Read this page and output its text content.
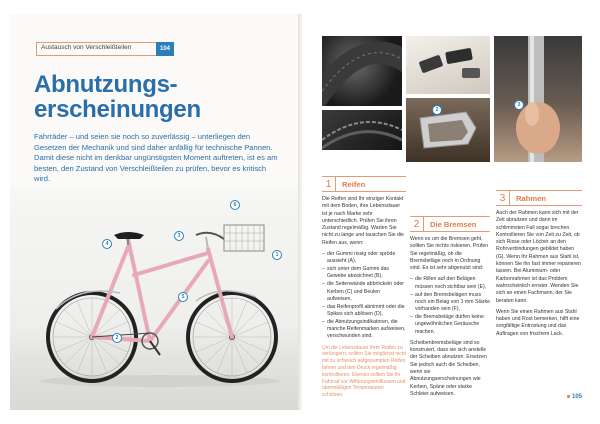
Austausch von Verschleißteilen	104
Abnutzungs-
erscheinungen

Fahrräder – und seien sie noch so zuverlässig – unterliegen den Gesetzen der Mechanik und sind daher anfällig für technische Pannen. Damit diese nicht im denkbar ungünstigsten Moment auftreten, ist es am besten, den Zustand von Verschleißteilen zu prüfen, bevor es kritisch wird.

6
3
4
1
5
2
2
3
1	Reifen

Die Reifen sind Ihr einziger Kontakt mit dem Boden, ihre Lebensdauer ist je nach Marke sehr unterschiedlich. Prüfen Sie ihren Zustand regelmäßig. Warten Sie nicht zu lange und tauschen Sie die Reifen aus, wenn:

– der Gummi rissig oder spröde aussieht (A),
– sich unter dem Gummi das Gewebe abzeichnet (B),
– die Seitenwände abbröckeln oder Kerben (C) und Beulen aufweisen,
– das Reifenprofil abnimmt oder die Spikes sich ablösen (D),
– die Abnutzungsindikatoren, die manche Reifenmarken aufweisen, verschwunden sind.

Um die Lebensdauer Ihrer Reifen zu verlängern, sollten Sie möglichst nicht mit zu schwach aufgepumpten Reifen fahren und den Druck regelmäßig kontrollieren. Ebenso sollten Sie Ihr Fahrrad vor Witterungseinflüssen und übermäßigen Temperaturen schützen.

2	Die Bremsen

Wenn es um die Bremsen geht, sollten Sie nichts riskieren. Prüfen Sie regelmäßig, ob die Bremsbeläge noch in Ordnung sind. Es ist sehr abgenutzt sind:

– die Rillen auf den Belägen müssen noch sichtbar sein (E),
– auf den Bremsbelägen muss noch ein Belag von 1 mm Stärke vorhanden sein (F),
– die Bremsbeläge dürfen keine ungewöhnlichen Geräusche machen.

Scheibenbremsbeläge sind so konstruiert, dass sie sich anstelle der Scheiben abnutzen. Ersetzen Sie jedoch auch die Scheiben, wenn sie Abnutzungserscheinungen wie Kerben, Späne oder starke Schleier aufweisen.

3	Rahmen

Auch der Rahmen kann sich mit der Zeit abnutzen und dann im schlimmsten Fall sogar brechen. Kontrollieren Sie von Zeit zu Zeit, ob sich Risse oder Löcher an den Rohrverbindungen gebildet haben (G). Wenn Ihr Rahmen aus Stahl ist, können Sie ihn fast immer reparieren lassen. Bei Aluminium- oder Karbonrahmen ist das Problem wahrscheinlich ernster. Wenden Sie sich an einen Fachmann, der Sie beraten kann.

Wenn Sie einen Rahmen aus Stahl haben und Rost bemerken, hilft eine sorgfältige Entrostung und das Auftragen von frischem Lack.

105
